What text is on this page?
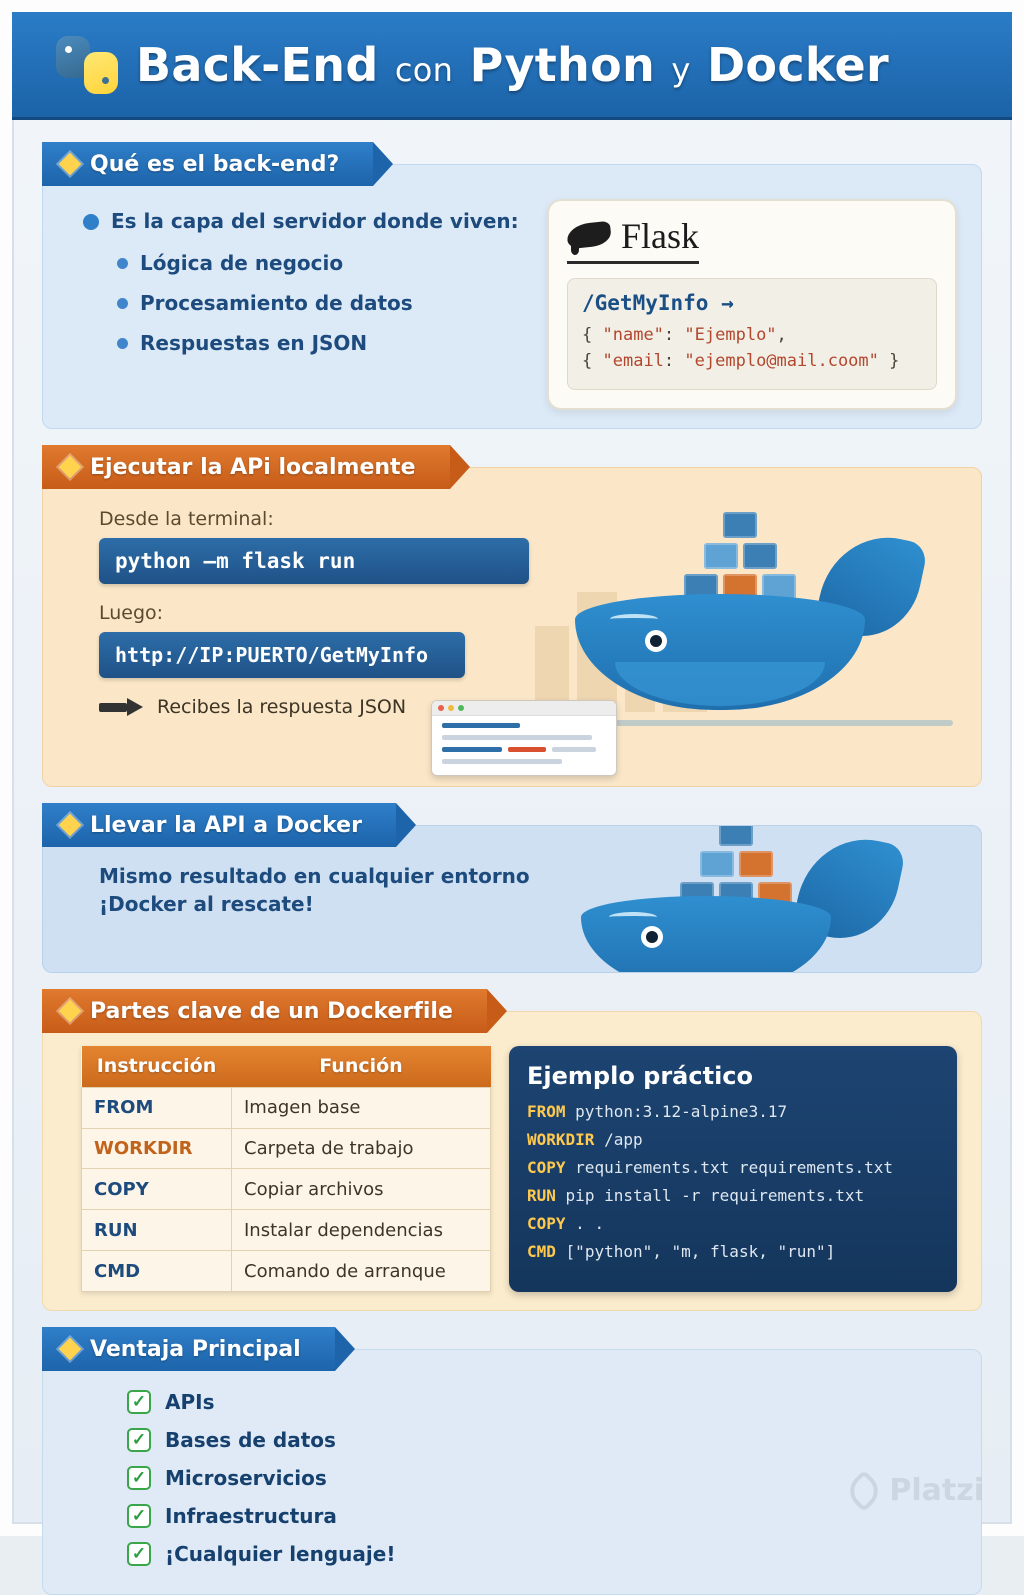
Back-End con Python y Docker
Qué es el back-end?
Es la capa del servidor donde viven:
Lógica de negocio
Procesamiento de datos
Respuestas en JSON
Flask
/GetMyInfo →
{ "name": "Ejemplo",
{ "email: "ejemplo@mail.coom" }
Ejecutar la APi localmente
Desde la terminal:
python –m flask run
Luego:
http://IP:PUERTO/GetMyInfo
Recibes la respuesta JSON
Llevar la API a Docker

Mismo resultado en cualquier entorno

¡Docker al rescate!

Partes clave de un Dockerfile
Instrucción	Función
FROM	Imagen base
WORKDIR	Carpeta de trabajo
COPY	Copiar archivos
RUN	Instalar dependencias
CMD	Comando de arranque
Ejemplo práctico
FROM python:3.12-alpine3.17
WORKDIR /app
COPY requirements.txt requirements.txt
RUN pip install -r requirements.txt
COPY . .
CMD ["python", "m, flask, "run"]
Ventaja Principal
✓ APIs
✓ Bases de datos
✓ Microservicios
✓ Infraestructura
✓ ¡Cualquier lenguaje!
Platzi
